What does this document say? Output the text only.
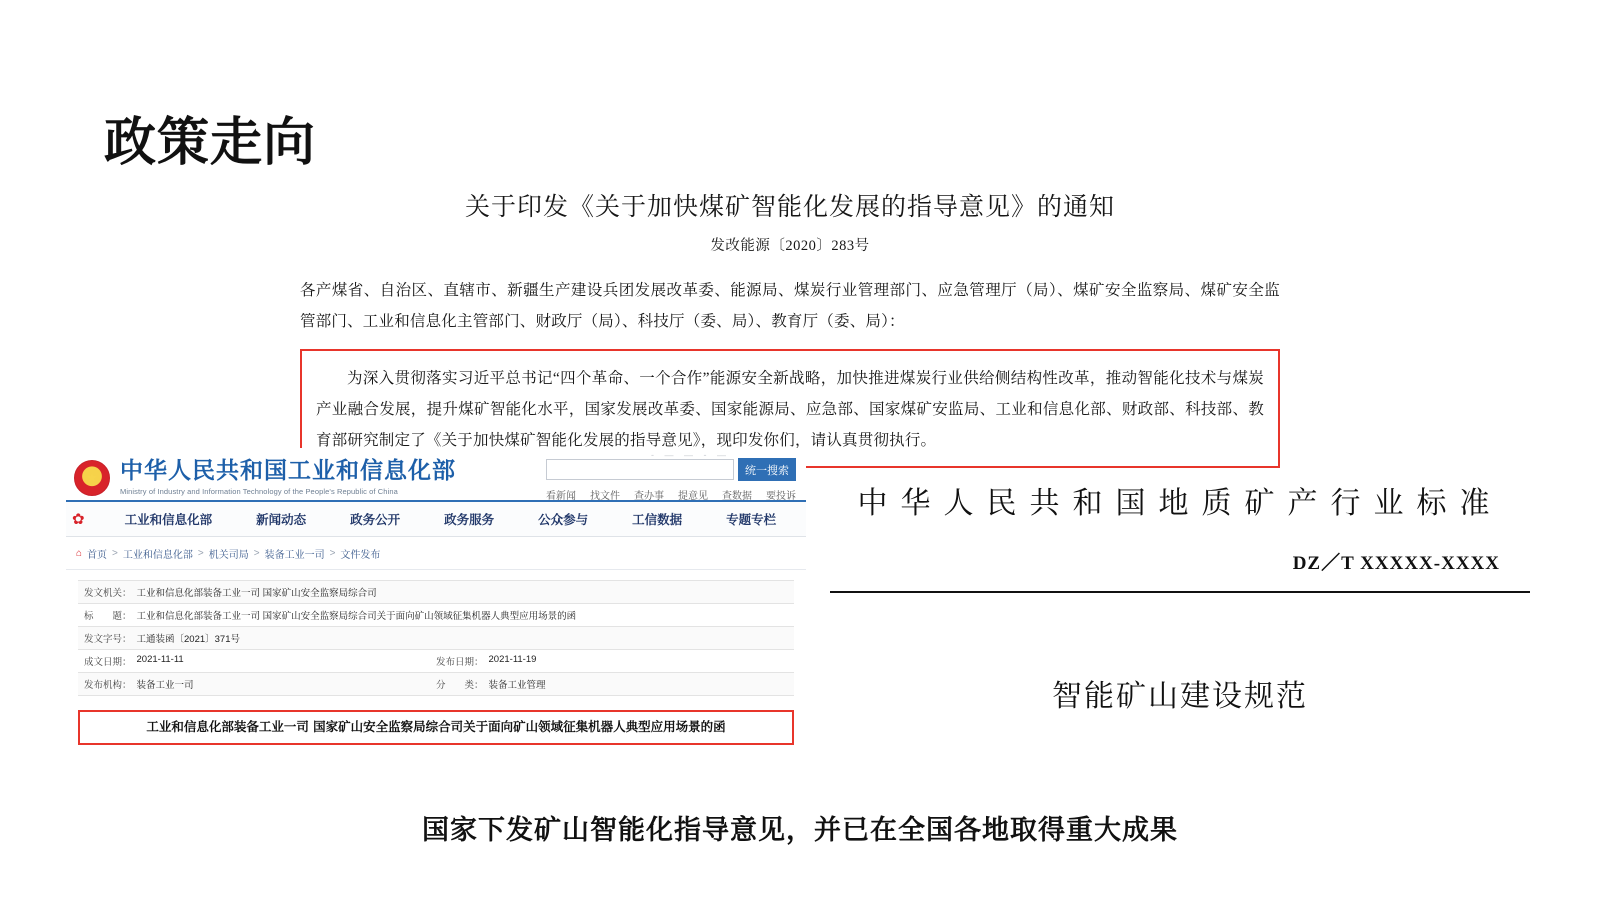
政策走向
关于印发《关于加快煤矿智能化发展的指导意见》的通知
发改能源〔2020〕283号
各产煤省、自治区、直辖市、新疆生产建设兵团发展改革委、能源局、煤炭行业管理部门、应急管理厅（局）、煤矿安全监察局、煤矿安全监管部门、工业和信息化主管部门、财政厅（局）、科技厅（委、局）、教育厅（委、局）：

为深入贯彻落实习近平总书记“四个革命、一个合作”能源安全新战略，加快推进煤炭行业供给侧结构性改革，推动智能化技术与煤炭产业融合发展，提升煤矿智能化水平，国家发展改革委、国家能源局、应急部、国家煤矿安监局、工业和信息化部、财政部、科技部、教育部研究制定了《关于加快煤矿智能化发展的指导意见》，现印发你们，请认真贯彻执行。

★
中华人民共和国工业和信息化部
Ministry of Industry and Information Technology of the People's Republic of China
- — — - —
统一搜索
看新闻 找文件 查办事 提意见 查数据 要投诉
✿	工业和信息化部	新闻动态	政务公开	政务服务	公众参与	工信数据	专题专栏
⌂ 首页 > 工业和信息化部 > 机关司局 > 装备工业一司 > 文件发布
发文机关： 工业和信息化部装备工业一司 国家矿山安全监察局综合司
标　　题： 工业和信息化部装备工业一司 国家矿山安全监察局综合司关于面向矿山领域征集机器人典型应用场景的函
发文字号： 工通装函〔2021〕371号
成文日期： 2021-11-11	发布日期： 2021-11-19
发布机构： 装备工业一司	分　　类： 装备工业管理
工业和信息化部装备工业一司 国家矿山安全监察局综合司关于面向矿山领域征集机器人典型应用场景的函
中华人民共和国地质矿产行业标准
DZ／T XXXXX-XXXX
智能矿山建设规范
国家下发矿山智能化指导意见，并已在全国各地取得重大成果
